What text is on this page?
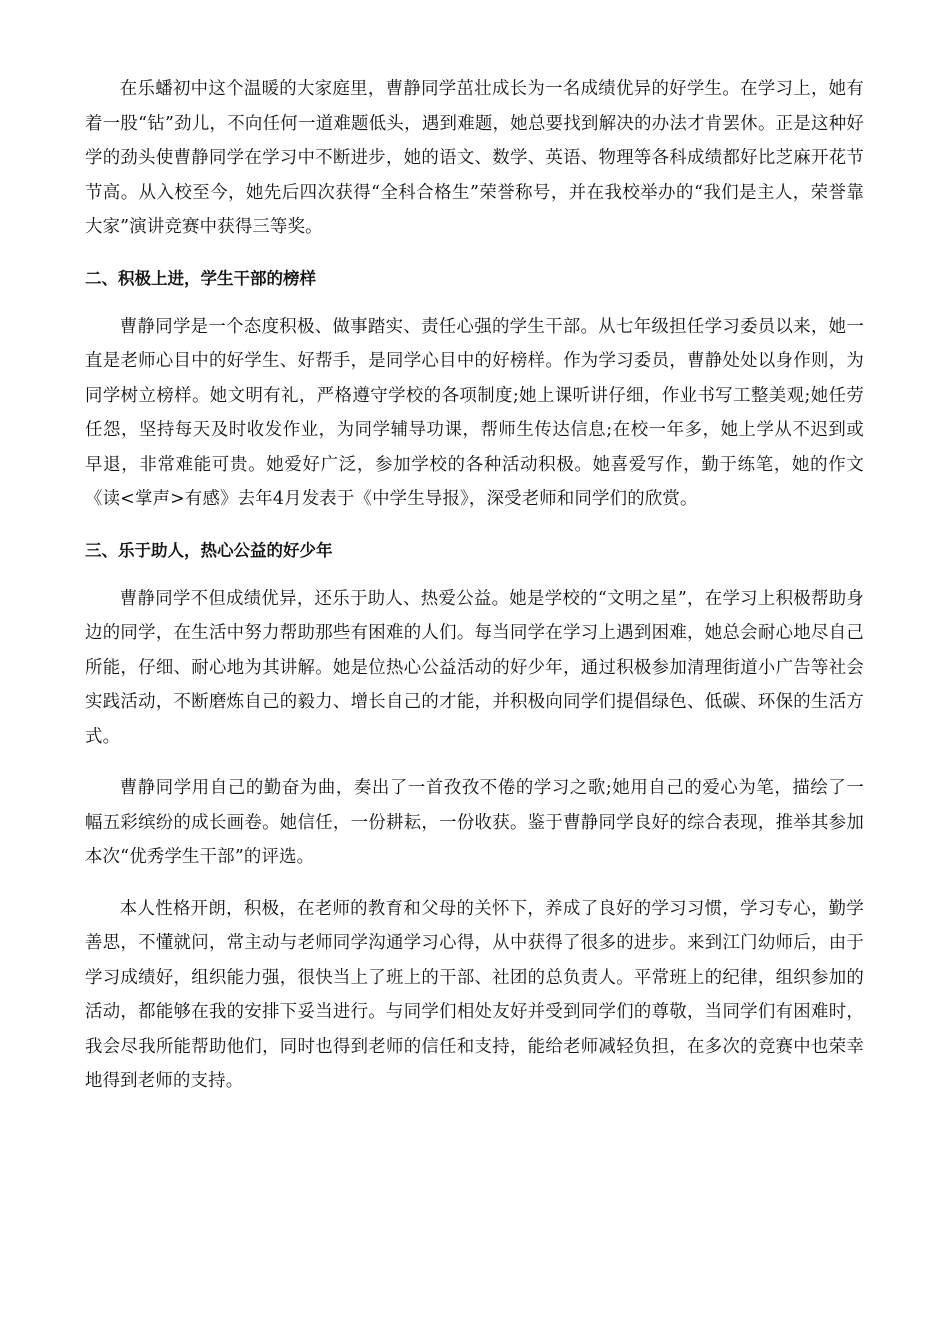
在乐蟠初中这个温暖的大家庭里，曹静同学茁壮成长为一名成绩优异的好学生。在学习上，她有着一股“钻”劲儿，不向任何一道难题低头，遇到难题，她总要找到解决的办法才肯罢休。正是这种好学的劲头使曹静同学在学习中不断进步，她的语文、数学、英语、物理等各科成绩都好比芝麻开花节节高。从入校至今，她先后四次获得“全科合格生”荣誉称号，并在我校举办的“我们是主人，荣誉靠大家”演讲竞赛中获得三等奖。

二、积极上进，学生干部的榜样

曹静同学是一个态度积极、做事踏实、责任心强的学生干部。从七年级担任学习委员以来，她一直是老师心目中的好学生、好帮手，是同学心目中的好榜样。作为学习委员，曹静处处以身作则，为同学树立榜样。她文明有礼，严格遵守学校的各项制度;她上课听讲仔细，作业书写工整美观;她任劳任怨，坚持每天及时收发作业，为同学辅导功课，帮师生传达信息;在校一年多，她上学从不迟到或早退，非常难能可贵。她爱好广泛，参加学校的各种活动积极。她喜爱写作，勤于练笔，她的作文《读<掌声>有感》去年4月发表于《中学生导报》，深受老师和同学们的欣赏。

三、乐于助人，热心公益的好少年

曹静同学不但成绩优异，还乐于助人、热爱公益。她是学校的“文明之星”，在学习上积极帮助身边的同学，在生活中努力帮助那些有困难的人们。每当同学在学习上遇到困难，她总会耐心地尽自己所能，仔细、耐心地为其讲解。她是位热心公益活动的好少年，通过积极参加清理街道小广告等社会实践活动，不断磨炼自己的毅力、增长自己的才能，并积极向同学们提倡绿色、低碳、环保的生活方式。

曹静同学用自己的勤奋为曲，奏出了一首孜孜不倦的学习之歌;她用自己的爱心为笔，描绘了一幅五彩缤纷的成长画卷。她信任，一份耕耘，一份收获。鉴于曹静同学良好的综合表现，推举其参加本次“优秀学生干部”的评选。

本人性格开朗，积极，在老师的教育和父母的关怀下，养成了良好的学习习惯，学习专心，勤学善思，不懂就问，常主动与老师同学沟通学习心得，从中获得了很多的进步。来到江门幼师后，由于学习成绩好，组织能力强，很快当上了班上的干部、社团的总负责人。平常班上的纪律，组织参加的活动，都能够在我的安排下妥当进行。与同学们相处友好并受到同学们的尊敬，当同学们有困难时，我会尽我所能帮助他们，同时也得到老师的信任和支持，能给老师减轻负担，在多次的竞赛中也荣幸地得到老师的支持。
